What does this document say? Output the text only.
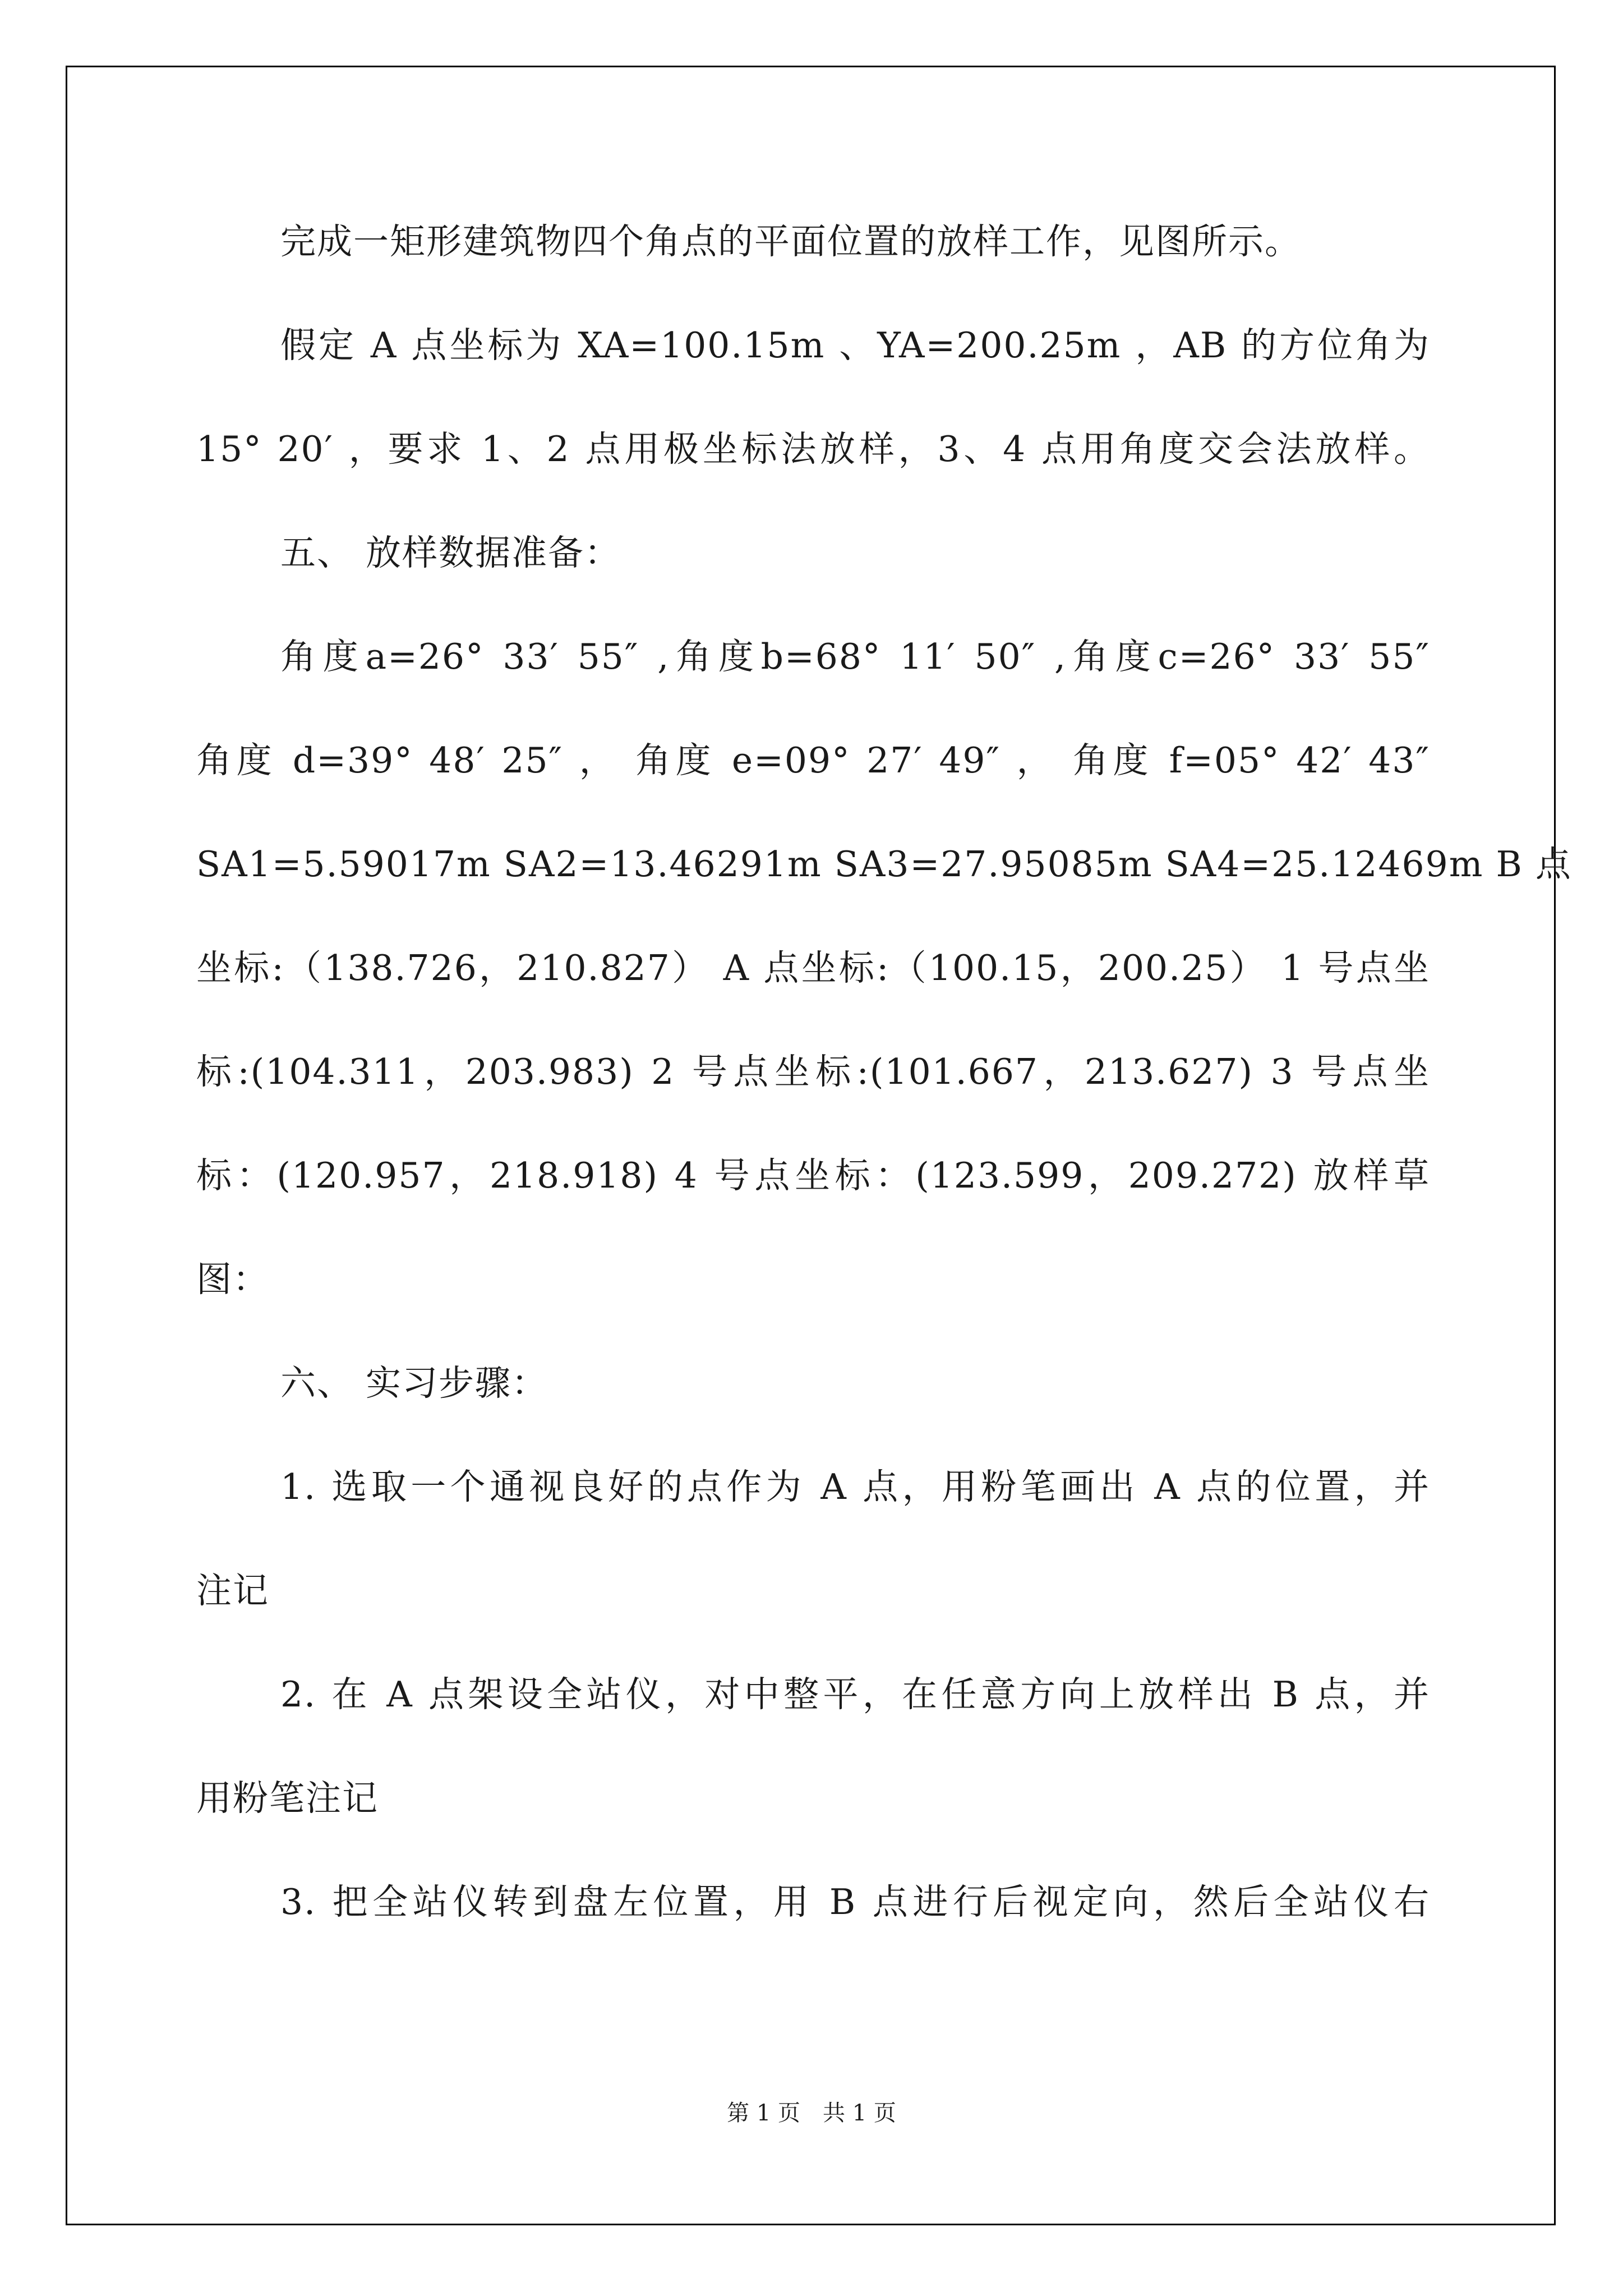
完成一矩形建筑物四个角点的平面位置的放样工作，见图所示。
假定 A 点坐标为 XA=100.15m 、YA=200.25m ，AB 的方位角为
15° 20′ ，要求 1、2 点用极坐标法放样，3、4 点用角度交会法放样。
五、 放样数据准备：
角度a=26° 33′ 55″ ,角度b=68° 11′ 50″ ,角度c=26° 33′ 55″
角度 d=39° 48′ 25″ ， 角度 e=09° 27′ 49″ ， 角度 f=05° 42′ 43″
SA1=5.59017m SA2=13.46291m SA3=27.95085m SA4=25.12469m B 点
坐标:（138.726，210.827） A 点坐标:（100.15，200.25） 1 号点坐
标:(104.311，203.983) 2 号点坐标:(101.667，213.627) 3 号点坐
标：(120.957，218.918) 4 号点坐标：(123.599，209.272) 放样草
图：
六、 实习步骤：
1. 选取一个通视良好的点作为 A 点，用粉笔画出 A 点的位置，并
注记
2. 在 A 点架设全站仪，对中整平，在任意方向上放样出 B 点，并
用粉笔注记
3. 把全站仪转到盘左位置，用 B 点进行后视定向，然后全站仪右
第 1 页　共 1 页
